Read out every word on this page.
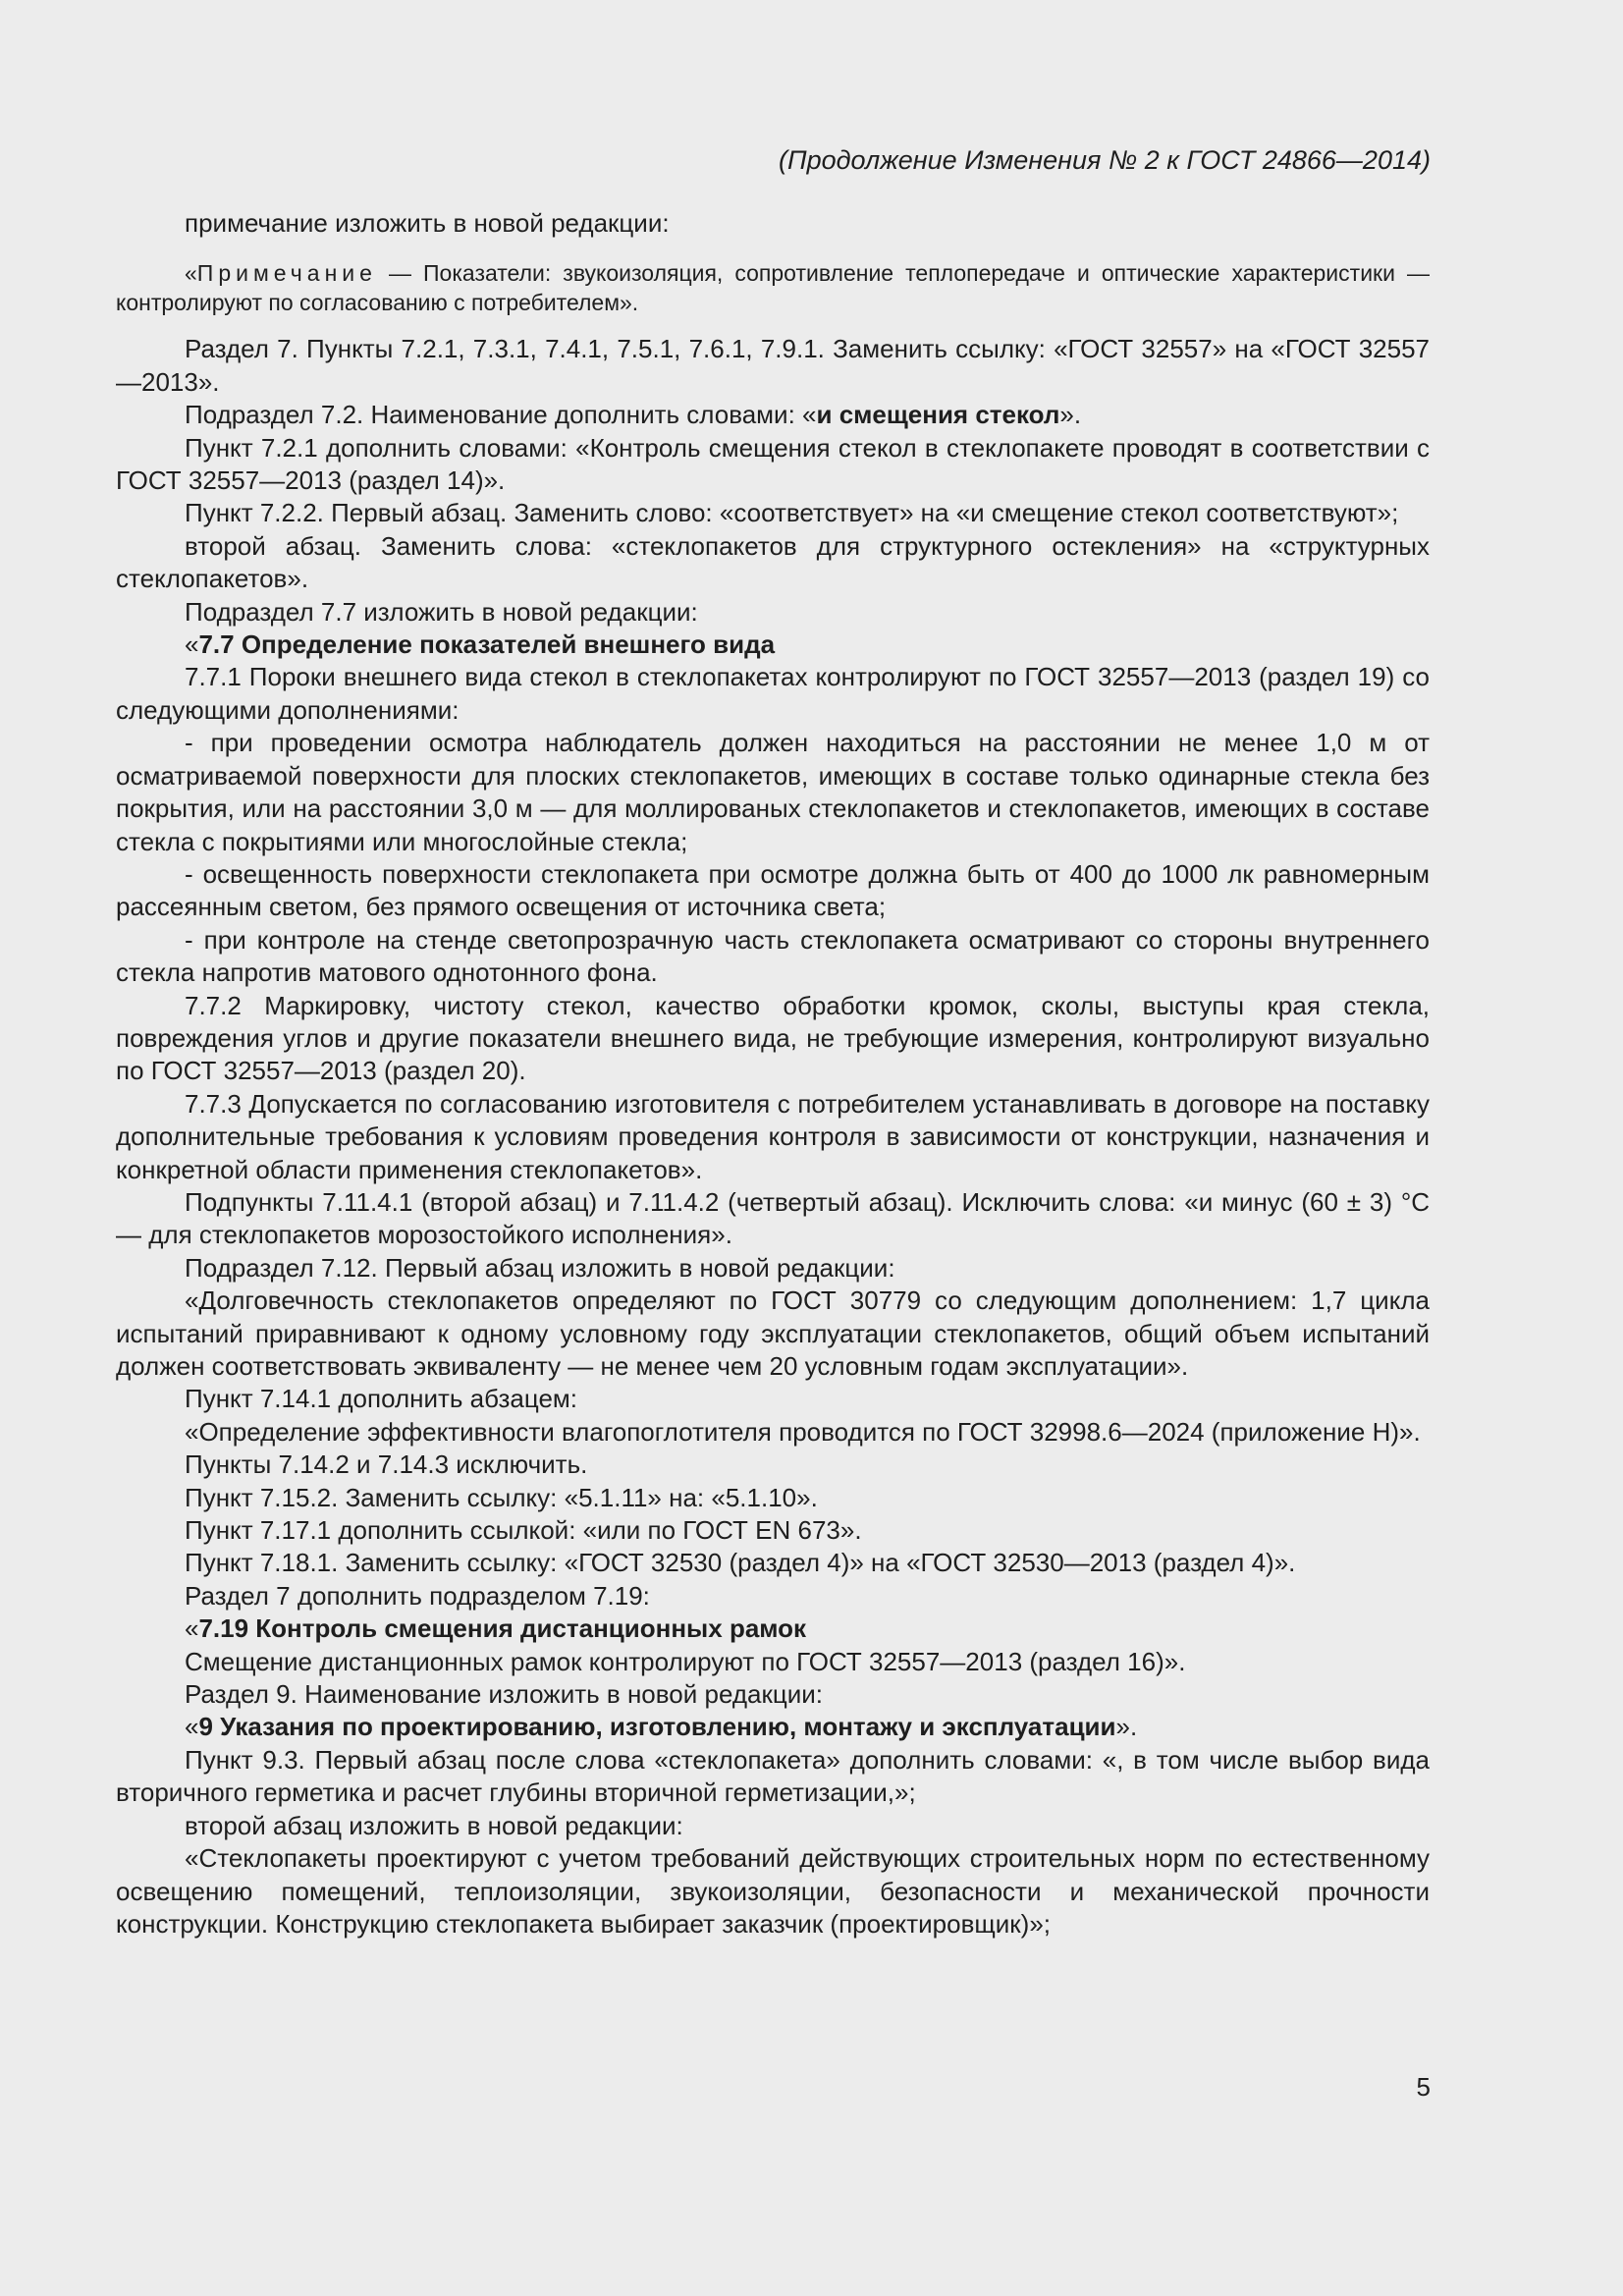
(Продолжение Изменения № 2 к ГОСТ 24866—2014)

примечание изложить в новой редакции:

«Примечание — Показатели: звукоизоляция, сопротивление теплопередаче и оптические характеристики — контролируют по согласованию с потребителем».

Раздел 7. Пункты 7.2.1, 7.3.1, 7.4.1, 7.5.1, 7.6.1, 7.9.1. Заменить ссылку: «ГОСТ 32557» на «ГОСТ 32557—2013».

Подраздел 7.2. Наименование дополнить словами: «и смещения стекол».

Пункт 7.2.1 дополнить словами: «Контроль смещения стекол в стеклопакете проводят в соответствии с ГОСТ 32557—2013 (раздел 14)».

Пункт 7.2.2. Первый абзац. Заменить слово: «соответствует» на «и смещение стекол соответствуют»;

второй абзац. Заменить слова: «стеклопакетов для структурного остекления» на «структурных стеклопакетов».

Подраздел 7.7 изложить в новой редакции:

«7.7 Определение показателей внешнего вида

7.7.1 Пороки внешнего вида стекол в стеклопакетах контролируют по ГОСТ 32557—2013 (раздел 19) со следующими дополнениями:

- при проведении осмотра наблюдатель должен находиться на расстоянии не менее 1,0 м от осматриваемой поверхности для плоских стеклопакетов, имеющих в составе только одинарные стекла без покрытия, или на расстоянии 3,0 м — для моллированых стеклопакетов и стеклопакетов, имеющих в составе стекла с покрытиями или многослойные стекла;

- освещенность поверхности стеклопакета при осмотре должна быть от 400 до 1000 лк равномерным рассеянным светом, без прямого освещения от источника света;

- при контроле на стенде светопрозрачную часть стеклопакета осматривают со стороны внутреннего стекла напротив матового однотонного фона.

7.7.2 Маркировку, чистоту стекол, качество обработки кромок, сколы, выступы края стекла, повреждения углов и другие показатели внешнего вида, не требующие измерения, контролируют визуально по ГОСТ 32557—2013 (раздел 20).

7.7.3 Допускается по согласованию изготовителя с потребителем устанавливать в договоре на поставку дополнительные требования к условиям проведения контроля в зависимости от конструкции, назначения и конкретной области применения стеклопакетов».

Подпункты 7.11.4.1 (второй абзац) и 7.11.4.2 (четвертый абзац). Исключить слова: «и минус (60 ± 3) °С — для стеклопакетов морозостойкого исполнения».

Подраздел 7.12. Первый абзац изложить в новой редакции:

«Долговечность стеклопакетов определяют по ГОСТ 30779 со следующим дополнением: 1,7 цикла испытаний приравнивают к одному условному году эксплуатации стеклопакетов, общий объем испытаний должен соответствовать эквиваленту — не менее чем 20 условным годам эксплуатации».

Пункт 7.14.1 дополнить абзацем:

«Определение эффективности влагопоглотителя проводится по ГОСТ 32998.6—2024 (приложение Н)».

Пункты 7.14.2 и 7.14.3 исключить.

Пункт 7.15.2. Заменить ссылку: «5.1.11» на: «5.1.10».

Пункт 7.17.1 дополнить ссылкой: «или по ГОСТ EN 673».

Пункт 7.18.1. Заменить ссылку: «ГОСТ 32530 (раздел 4)» на «ГОСТ 32530—2013 (раздел 4)».

Раздел 7 дополнить подразделом 7.19:

«7.19 Контроль смещения дистанционных рамок

Смещение дистанционных рамок контролируют по ГОСТ 32557—2013 (раздел 16)».

Раздел 9. Наименование изложить в новой редакции:

«9 Указания по проектированию, изготовлению, монтажу и эксплуатации».

Пункт 9.3. Первый абзац после слова «стеклопакета» дополнить словами: «, в том числе выбор вида вторичного герметика и расчет глубины вторичной герметизации,»;

второй абзац изложить в новой редакции:

«Стеклопакеты проектируют с учетом требований действующих строительных норм по естественному освещению помещений, теплоизоляции, звукоизоляции, безопасности и механической прочности конструкции. Конструкцию стеклопакета выбирает заказчик (проектировщик)»;

5
